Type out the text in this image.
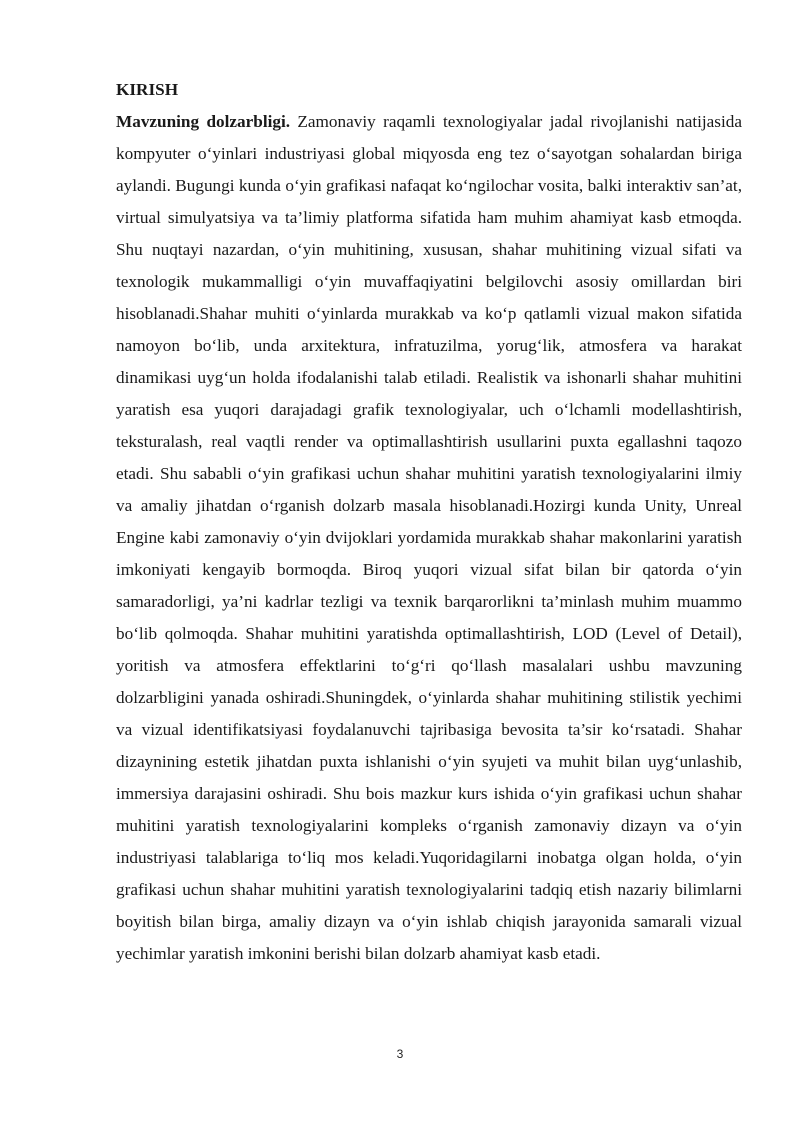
KIRISH

Mavzuning dolzarbligi. Zamonaviy raqamli texnologiyalar jadal rivojlanishi natijasida kompyuter o‘yinlari industriyasi global miqyosda eng tez o‘sayotgan sohalardan biriga aylandi. Bugungi kunda o‘yin grafikasi nafaqat ko‘ngilochar vosita, balki interaktiv san’at, virtual simulyatsiya va ta’limiy platforma sifatida ham muhim ahamiyat kasb etmoqda. Shu nuqtayi nazardan, o‘yin muhitining, xususan, shahar muhitining vizual sifati va texnologik mukammalligi o‘yin muvaffaqiyatini belgilovchi asosiy omillardan biri hisoblanadi.Shahar muhiti o‘yinlarda murakkab va ko‘p qatlamli vizual makon sifatida namoyon bo‘lib, unda arxitektura, infratuzilma, yorug‘lik, atmosfera va harakat dinamikasi uyg‘un holda ifodalanishi talab etiladi. Realistik va ishonarli shahar muhitini yaratish esa yuqori darajadagi grafik texnologiyalar, uch o‘lchamli modellashtirish, teksturalash, real vaqtli render va optimallashtirish usullarini puxta egallashni taqozo etadi. Shu sababli o‘yin grafikasi uchun shahar muhitini yaratish texnologiyalarini ilmiy va amaliy jihatdan o‘rganish dolzarb masala hisoblanadi.Hozirgi kunda Unity, Unreal Engine kabi zamonaviy o‘yin dvijoklari yordamida murakkab shahar makonlarini yaratish imkoniyati kengayib bormoqda. Biroq yuqori vizual sifat bilan bir qatorda o‘yin samaradorligi, ya’ni kadrlar tezligi va texnik barqarorlikni ta’minlash muhim muammo bo‘lib qolmoqda. Shahar muhitini yaratishda optimallashtirish, LOD (Level of Detail), yoritish va atmosfera effektlarini to‘g‘ri qo‘llash masalalari ushbu mavzuning dolzarbligini yanada oshiradi.Shuningdek, o‘yinlarda shahar muhitining stilistik yechimi va vizual identifikatsiyasi foydalanuvchi tajribasiga bevosita ta’sir ko‘rsatadi. Shahar dizaynining estetik jihatdan puxta ishlanishi o‘yin syujeti va muhit bilan uyg‘unlashib, immersiya darajasini oshiradi. Shu bois mazkur kurs ishida o‘yin grafikasi uchun shahar muhitini yaratish texnologiyalarini kompleks o‘rganish zamonaviy dizayn va o‘yin industriyasi talablariga to‘liq mos keladi.Yuqoridagilarni inobatga olgan holda, o‘yin grafikasi uchun shahar muhitini yaratish texnologiyalarini tadqiq etish nazariy bilimlarni boyitish bilan birga, amaliy dizayn va o‘yin ishlab chiqish jarayonida samarali vizual yechimlar yaratish imkonini berishi bilan dolzarb ahamiyat kasb etadi.

3
